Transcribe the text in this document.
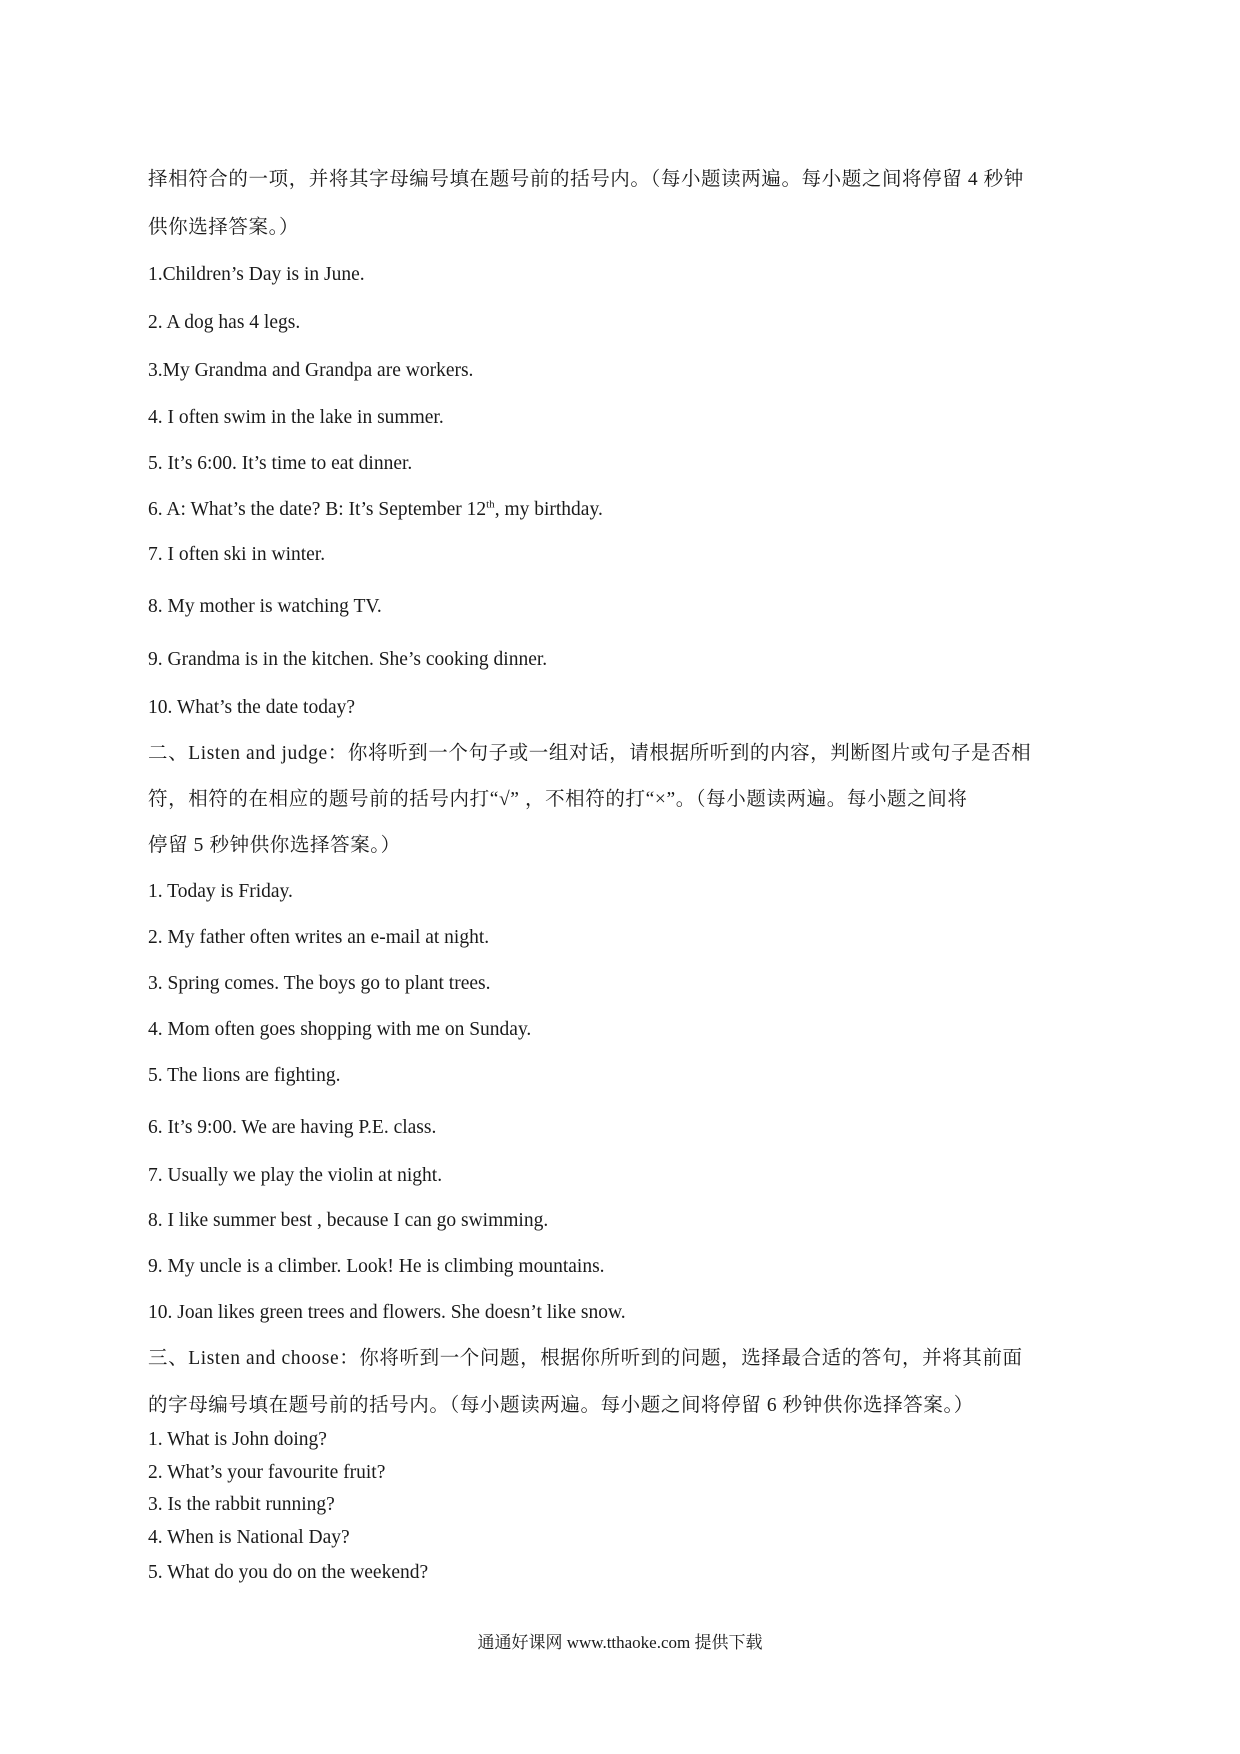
择相符合的一项，并将其字母编号填在题号前的括号内。（每小题读两遍。每小题之间将停留 4 秒钟
供你选择答案。）
1.Children’s Day is in June.
2. A dog has 4 legs.
3.My Grandma and Grandpa are workers.
4. I often swim in the lake in summer.
5. It’s 6:00. It’s time to eat dinner.
6. A: What’s the date? B: It’s September 12th, my birthday.
7. I often ski in winter.
8. My mother is watching TV.
9. Grandma is in the kitchen. She’s cooking dinner.
10. What’s the date today?
二、Listen and judge：你将听到一个句子或一组对话，请根据所听到的内容，判断图片或句子是否相
符，相符的在相应的题号前的括号内打“√” ，不相符的打“×”。（每小题读两遍。每小题之间将
停留 5 秒钟供你选择答案。）
1. Today is Friday.
2. My father often writes an e-mail at night.
3. Spring comes. The boys go to plant trees.
4. Mom often goes shopping with me on Sunday.
5. The lions are fighting.
6. It’s 9:00. We are having P.E. class.
7. Usually we play the violin at night.
8. I like summer best , because I can go swimming.
9. My uncle is a climber. Look! He is climbing mountains.
10. Joan likes green trees and flowers. She doesn’t like snow.
三、Listen and choose：你将听到一个问题，根据你所听到的问题，选择最合适的答句，并将其前面
的字母编号填在题号前的括号内。（每小题读两遍。每小题之间将停留 6 秒钟供你选择答案。）
1. What is John doing?
2. What’s your favourite fruit?
3. Is the rabbit running?
4. When is National Day?
5. What do you do on the weekend?
通通好课网 www.tthaoke.com 提供下载
